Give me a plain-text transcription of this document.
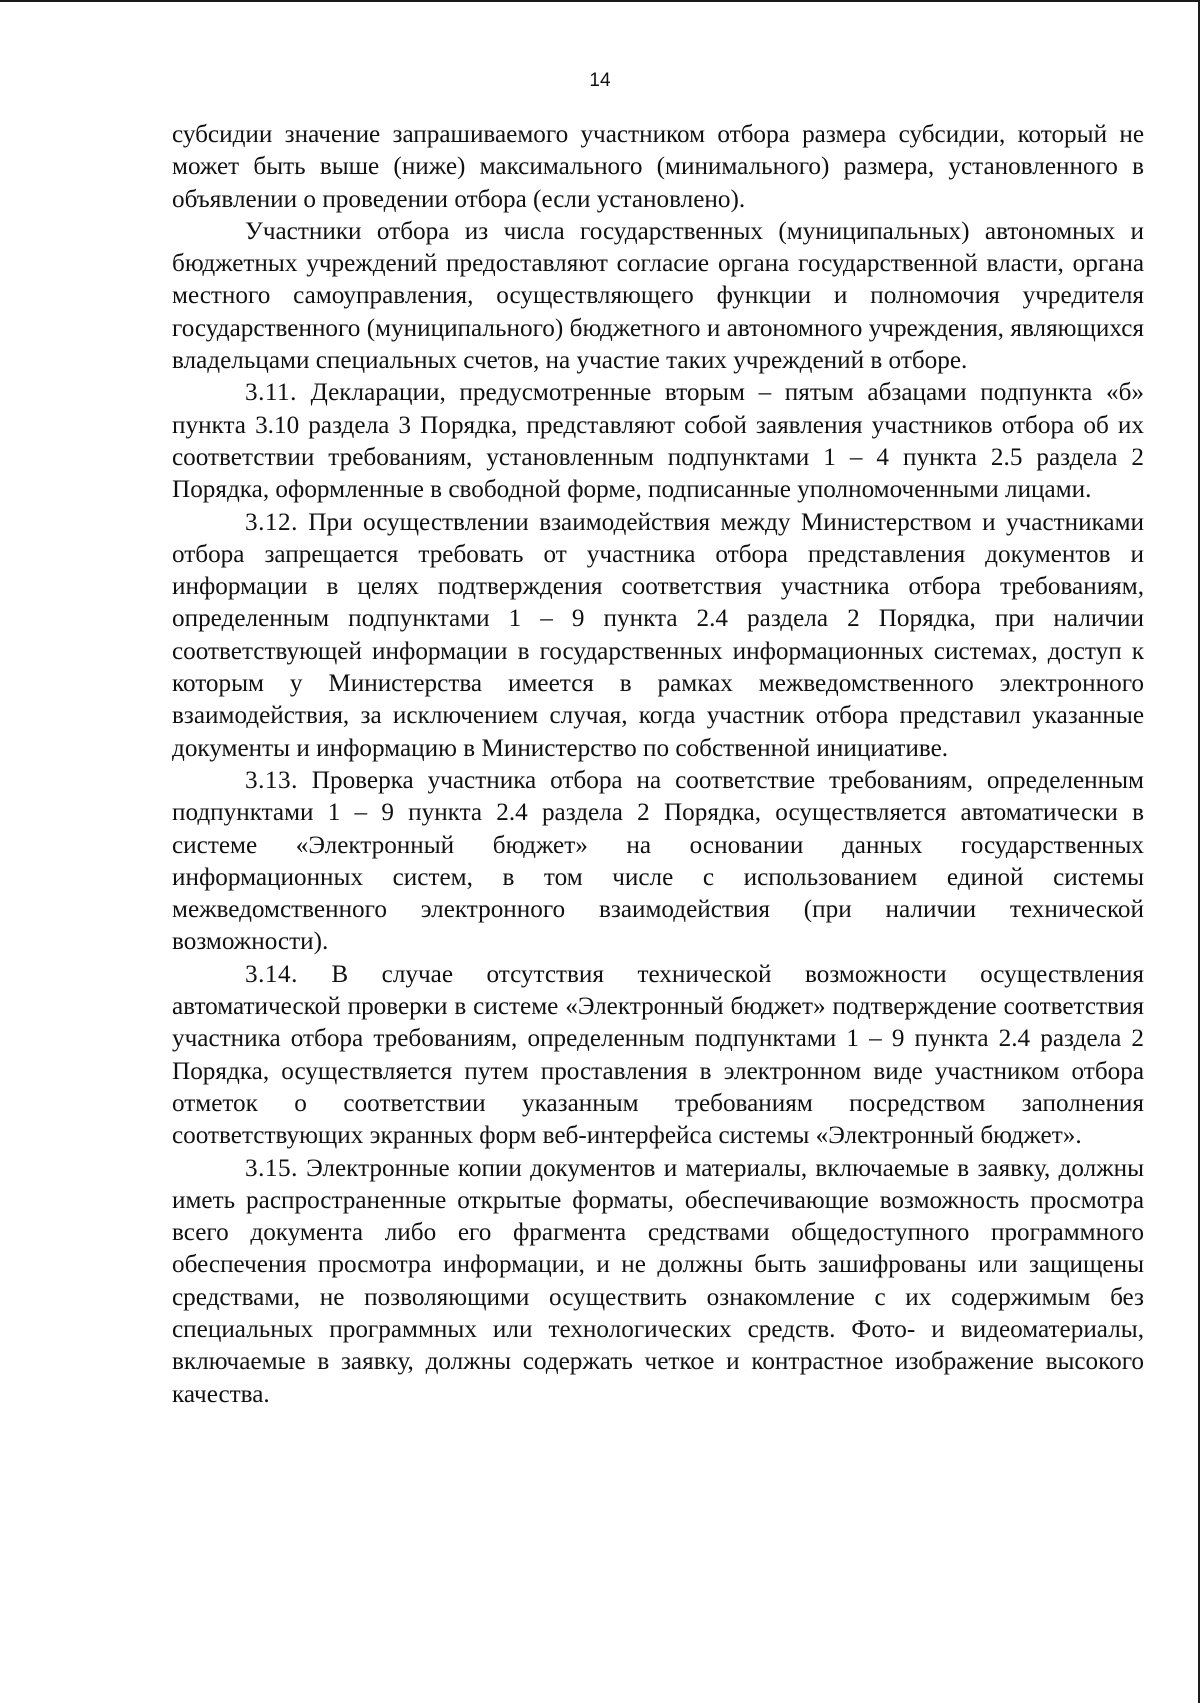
14

субсидии значение запрашиваемого участником отбора размера субсидии, который не может быть выше (ниже) максимального (минимального) размера, установленного в объявлении о проведении отбора (если установлено).

Участники отбора из числа государственных (муниципальных) автономных и бюджетных учреждений предоставляют согласие органа государственной власти, органа местного самоуправления, осуществляющего функции и полномочия учредителя государственного (муниципального) бюджетного и автономного учреждения, являющихся владельцами специальных счетов, на участие таких учреждений в отборе.

3.11. Декларации, предусмотренные вторым – пятым абзацами подпункта «б» пункта 3.10 раздела 3 Порядка, представляют собой заявления участников отбора об их соответствии требованиям, установленным подпунктами 1 – 4 пункта 2.5 раздела 2 Порядка, оформленные в свободной форме, подписанные уполномоченными лицами.

3.12. При осуществлении взаимодействия между Министерством и участниками отбора запрещается требовать от участника отбора представления документов и информации в целях подтверждения соответствия участника отбора требованиям, определенным подпунктами 1 – 9 пункта 2.4 раздела 2 Порядка, при наличии соответствующей информации в государственных информационных системах, доступ к которым у Министерства имеется в рамках межведомственного электронного взаимодействия, за исключением случая, когда участник отбора представил указанные документы и информацию в Министерство по собственной инициативе.

3.13. Проверка участника отбора на соответствие требованиям, определенным подпунктами 1 – 9 пункта 2.4 раздела 2 Порядка, осуществляется автоматически в системе «Электронный бюджет» на основании данных государственных информационных систем, в том числе с использованием единой системы межведомственного электронного взаимодействия (при наличии технической возможности).

3.14. В случае отсутствия технической возможности осуществления автоматической проверки в системе «Электронный бюджет» подтверждение соответствия участника отбора требованиям, определенным подпунктами 1 – 9 пункта 2.4 раздела 2 Порядка, осуществляется путем проставления в электронном виде участником отбора отметок о соответствии указанным требованиям посредством заполнения соответствующих экранных форм веб-интерфейса системы «Электронный бюджет».

3.15. Электронные копии документов и материалы, включаемые в заявку, должны иметь распространенные открытые форматы, обеспечивающие возможность просмотра всего документа либо его фрагмента средствами общедоступного программного обеспечения просмотра информации, и не должны быть зашифрованы или защищены средствами, не позволяющими осуществить ознакомление с их содержимым без специальных программных или технологических средств. Фото- и видеоматериалы, включаемые в заявку, должны содержать четкое и контрастное изображение высокого качества.
